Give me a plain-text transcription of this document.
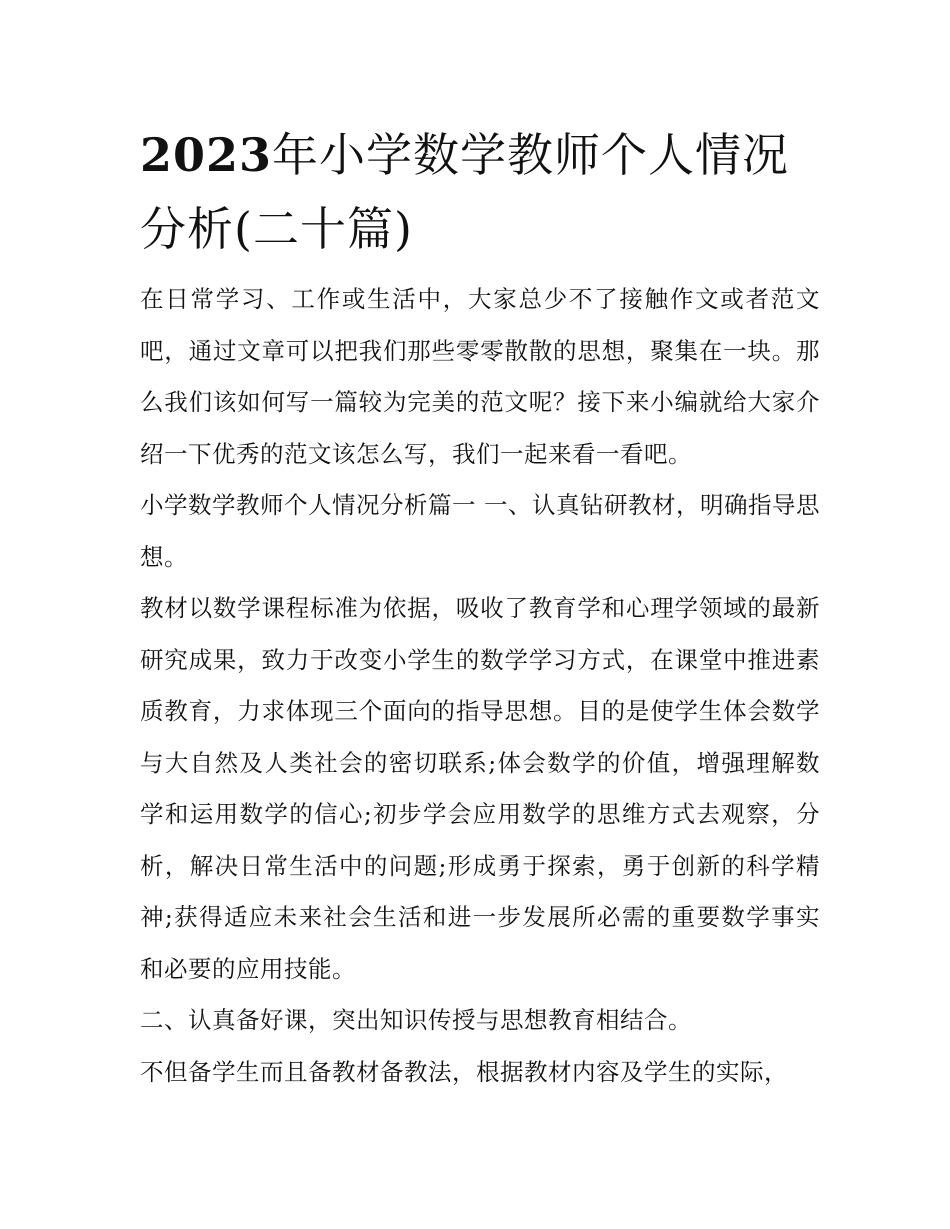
2023年小学数学教师个人情况分析(二十篇)

在日常学习、工作或生活中，大家总少不了接触作文或者范文吧，通过文章可以把我们那些零零散散的思想，聚集在一块。那么我们该如何写一篇较为完美的范文呢？接下来小编就给大家介绍一下优秀的范文该怎么写，我们一起来看一看吧。

小学数学教师个人情况分析篇一 一、认真钻研教材，明确指导思想。

教材以数学课程标准为依据，吸收了教育学和心理学领域的最新研究成果，致力于改变小学生的数学学习方式，在课堂中推进素质教育，力求体现三个面向的指导思想。目的是使学生体会数学与大自然及人类社会的密切联系;体会数学的价值，增强理解数学和运用数学的信心;初步学会应用数学的思维方式去观察，分析，解决日常生活中的问题;形成勇于探索，勇于创新的科学精神;获得适应未来社会生活和进一步发展所必需的重要数学事实和必要的应用技能。

二、认真备好课，突出知识传授与思想教育相结合。

不但备学生而且备教材备教法，根据教材内容及学生的实际，
